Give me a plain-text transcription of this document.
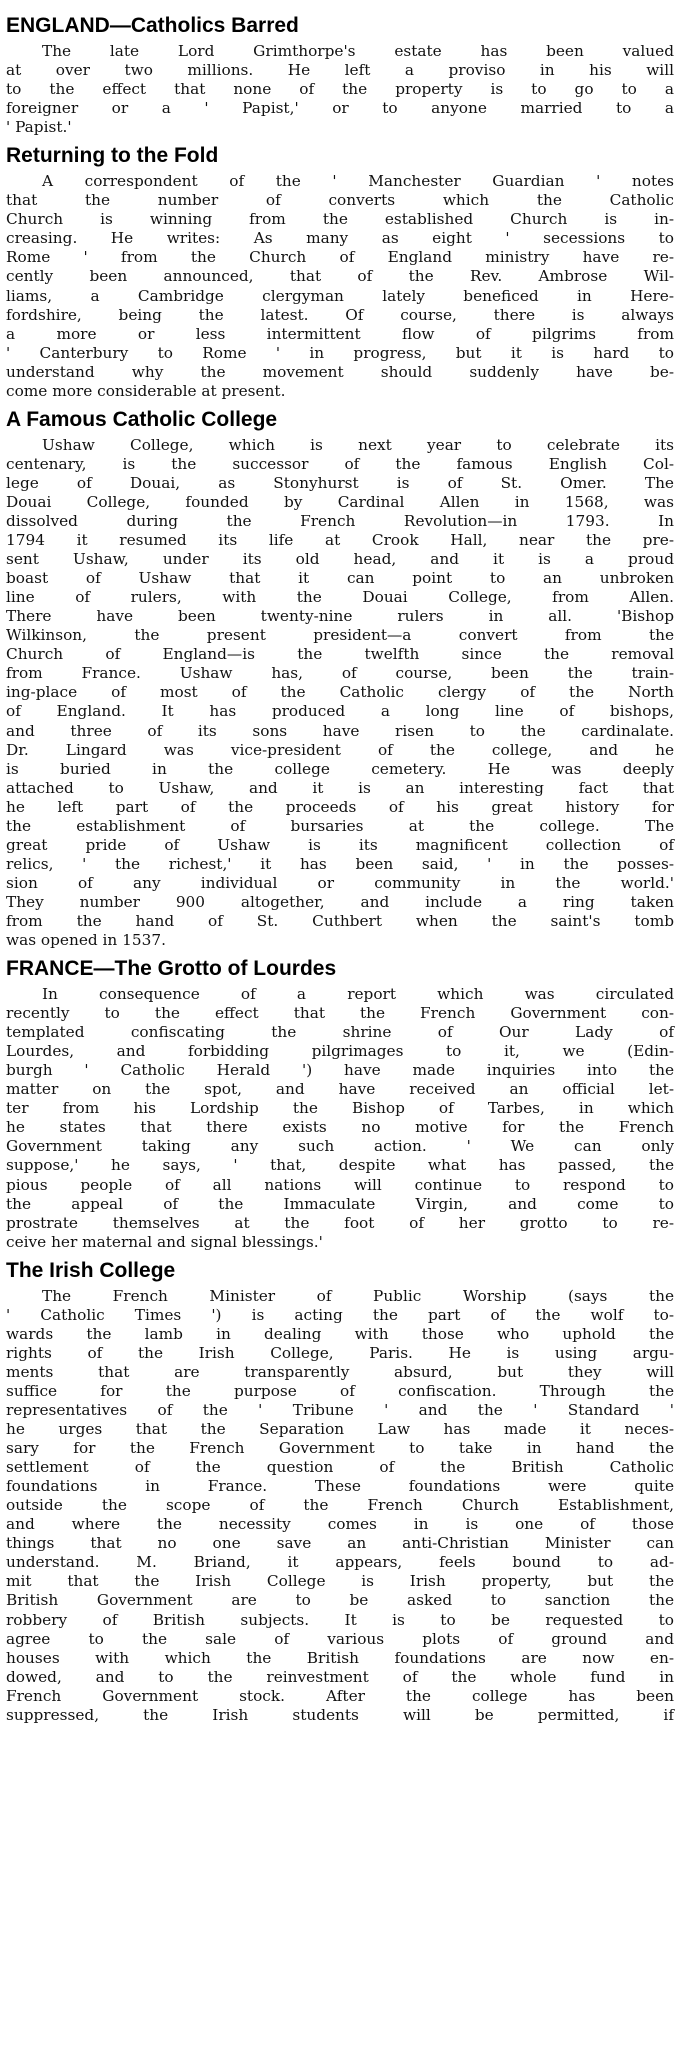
ENGLAND—Catholics Barred
The late Lord Grimthorpe's estate has been valued
at over two millions. He left a proviso in his will
to the effect that none of the property is to go to a
foreigner or a ' Papist,' or to anyone married to a
' Papist.'
Returning to the Fold
A correspondent of the ' Manchester Guardian ' notes
that the number of converts which the Catholic
Church is winning from the established Church is in-
creasing. He writes: As many as eight ' secessions to
Rome ' from the Church of England ministry have re-
cently been announced, that of the Rev. Ambrose Wil-
liams, a Cambridge clergyman lately beneficed in Here-
fordshire, being the latest. Of course, there is always
a more or less intermittent flow of pilgrims from
' Canterbury to Rome ' in progress, but it is hard to
understand why the movement should suddenly have be-
come more considerable at present.
A Famous Catholic College
Ushaw College, which is next year to celebrate its
centenary, is the successor of the famous English Col-
lege of Douai, as Stonyhurst is of St. Omer. The
Douai College, founded by Cardinal Allen in 1568, was
dissolved during the French Revolution—in 1793. In
1794 it resumed its life at Crook Hall, near the pre-
sent Ushaw, under its old head, and it is a proud
boast of Ushaw that it can point to an unbroken
line of rulers, with the Douai College, from Allen.
There have been twenty-nine rulers in all. 'Bishop
Wilkinson, the present president—a convert from the
Church of England—is the twelfth since the removal
from France. Ushaw has, of course, been the train-
ing-place of most of the Catholic clergy of the North
of England. It has produced a long line of bishops,
and three of its sons have risen to the cardinalate.
Dr. Lingard was vice-president of the college, and he
is buried in the college cemetery. He was deeply
attached to Ushaw, and it is an interesting fact that
he left part of the proceeds of his great history for
the establishment of bursaries at the college. The
great pride of Ushaw is its magnificent collection of
relics, ' the richest,' it has been said, ' in the posses-
sion of any individual or community in the world.'
They number 900 altogether, and include a ring taken
from the hand of St. Cuthbert when the saint's tomb
was opened in 1537.
FRANCE—The Grotto of Lourdes
In consequence of a report which was circulated
recently to the effect that the French Government con-
templated confiscating the shrine of Our Lady of
Lourdes, and forbidding pilgrimages to it, we (Edin-
burgh ' Catholic Herald ') have made inquiries into the
matter on the spot, and have received an official let-
ter from his Lordship the Bishop of Tarbes, in which
he states that there exists no motive for the French
Government taking any such action. ' We can only
suppose,' he says, ' that, despite what has passed, the
pious people of all nations will continue to respond to
the appeal of the Immaculate Virgin, and come to
prostrate themselves at the foot of her grotto to re-
ceive her maternal and signal blessings.'
The Irish College
The French Minister of Public Worship (says the
' Catholic Times ') is acting the part of the wolf to-
wards the lamb in dealing with those who uphold the
rights of the Irish College, Paris. He is using argu-
ments that are transparently absurd, but they will
suffice for the purpose of confiscation. Through the
representatives of the ' Tribune ' and the ' Standard '
he urges that the Separation Law has made it neces-
sary for the French Government to take in hand the
settlement of the question of the British Catholic
foundations in France. These foundations were quite
outside the scope of the French Church Establishment,
and where the necessity comes in is one of those
things that no one save an anti-Christian Minister can
understand. M. Briand, it appears, feels bound to ad-
mit that the Irish College is Irish property, but the
British Government are to be asked to sanction the
robbery of British subjects. It is to be requested to
agree to the sale of various plots of ground and
houses with which the British foundations are now en-
dowed, and to the reinvestment of the whole fund in
French Government stock. After the college has been
suppressed, the Irish students will be permitted, if
